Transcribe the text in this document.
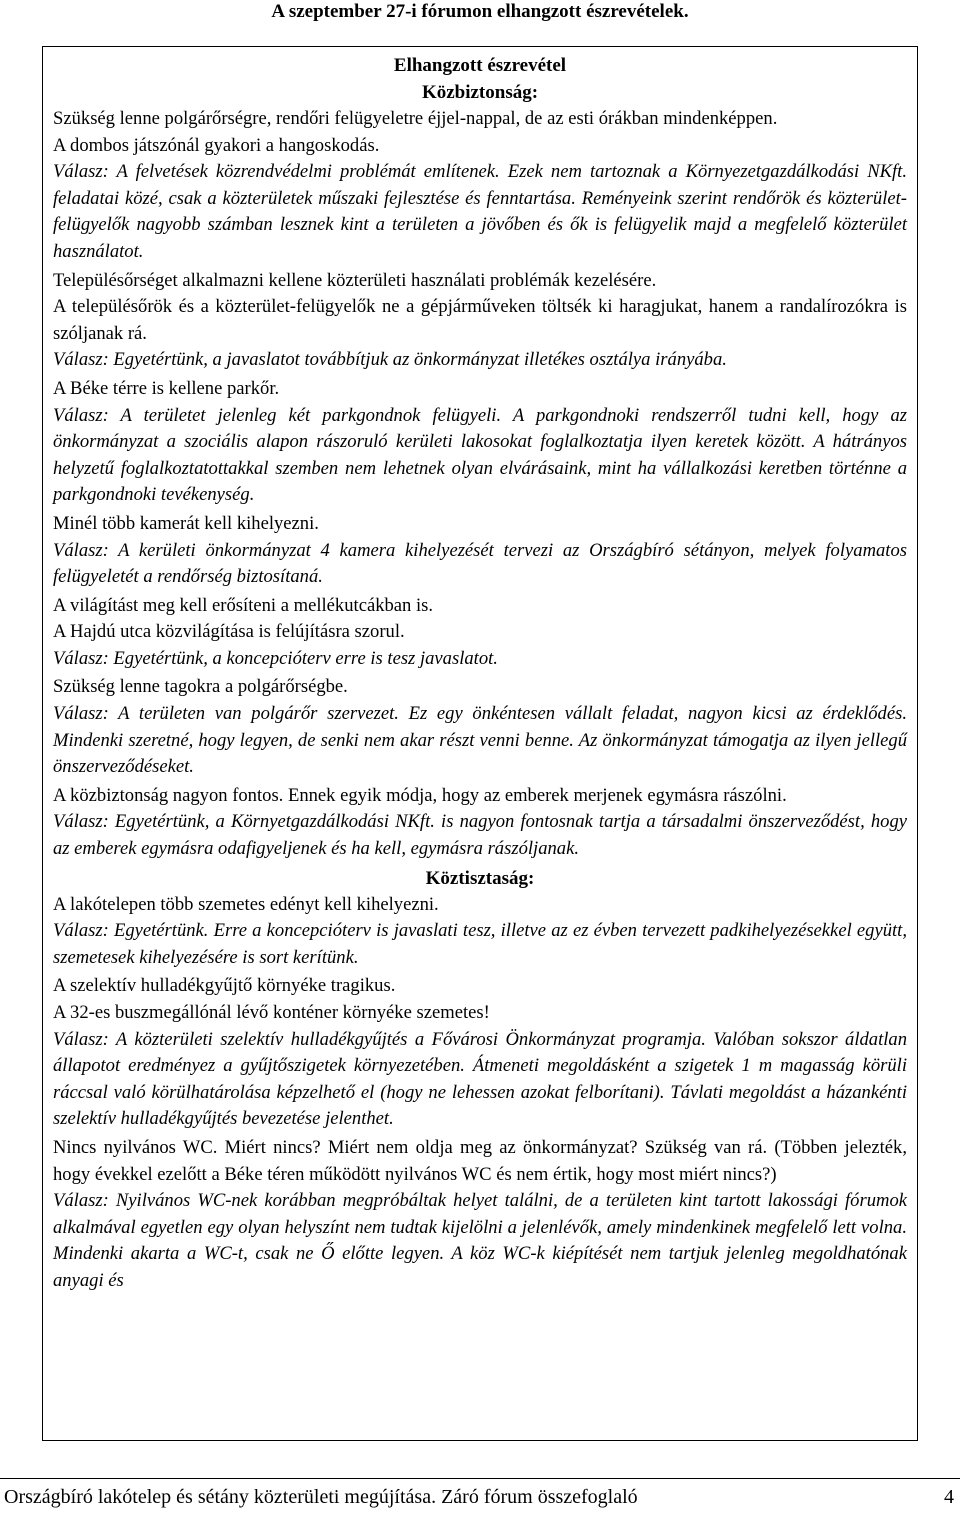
A szeptember 27-i fórumon elhangzott észrevételek.

Elhangzott észrevétel

Közbiztonság:

Szükség lenne polgárőrségre, rendőri felügyeletre éjjel-nappal, de az esti órákban mindenképpen.

A dombos játszónál gyakori a hangoskodás.

Válasz: A felvetések közrendvédelmi problémát említenek. Ezek nem tartoznak a Környezetgazdálkodási NKft. feladatai közé, csak a közterületek műszaki fejlesztése és fenntartása. Reményeink szerint rendőrök és közterület-felügyelők nagyobb számban lesznek kint a területen a jövőben és ők is felügyelik majd a megfelelő közterület használatot.

Településőrséget alkalmazni kellene közterületi használati problémák kezelésére.

A településőrök és a közterület-felügyelők ne a gépjárműveken töltsék ki haragjukat, hanem a randalírozókra is szóljanak rá.

Válasz: Egyetértünk, a javaslatot továbbítjuk az önkormányzat illetékes osztálya irányába.

A Béke térre is kellene parkőr.

Válasz: A területet jelenleg két parkgondnok felügyeli. A parkgondnoki rendszerről tudni kell, hogy az önkormányzat a szociális alapon rászoruló kerületi lakosokat foglalkoztatja ilyen keretek között. A hátrányos helyzetű foglalkoztatottakkal szemben nem lehetnek olyan elvárásaink, mint ha vállalkozási keretben történne a parkgondnoki tevékenység.

Minél több kamerát kell kihelyezni.

Válasz: A kerületi önkormányzat 4 kamera kihelyezését tervezi az Országbíró sétányon, melyek folyamatos felügyeletét a rendőrség biztosítaná.

A világítást meg kell erősíteni a mellékutcákban is.

A Hajdú utca közvilágítása is felújításra szorul.

Válasz: Egyetértünk, a koncepcióterv erre is tesz javaslatot.

Szükség lenne tagokra a polgárőrségbe.

Válasz: A területen van polgárőr szervezet. Ez egy önkéntesen vállalt feladat, nagyon kicsi az érdeklődés. Mindenki szeretné, hogy legyen, de senki nem akar részt venni benne. Az önkormányzat támogatja az ilyen jellegű önszerveződéseket.

A közbiztonság nagyon fontos. Ennek egyik módja, hogy az emberek merjenek egymásra rászólni.

Válasz: Egyetértünk, a Környetgazdálkodási NKft. is nagyon fontosnak tartja a társadalmi önszerveződést, hogy az emberek egymásra odafigyeljenek és ha kell, egymásra rászóljanak.

Köztisztaság:

A lakótelepen több szemetes edényt kell kihelyezni.

Válasz: Egyetértünk. Erre a koncepcióterv is javaslati tesz, illetve az ez évben tervezett padkihelyezésekkel együtt, szemetesek kihelyezésére is sort kerítünk.

A szelektív hulladékgyűjtő környéke tragikus.

A 32-es buszmegállónál lévő konténer környéke szemetes!

Válasz: A közterületi szelektív hulladékgyűjtés a Fővárosi Önkormányzat programja. Valóban sokszor áldatlan állapotot eredményez a gyűjtőszigetek környezetében. Átmeneti megoldásként a szigetek 1 m magasság körüli ráccsal való körülhatárolása képzelhető el (hogy ne lehessen azokat felborítani). Távlati megoldást a házankénti szelektív hulladékgyűjtés bevezetése jelenthet.

Nincs nyilvános WC. Miért nincs? Miért nem oldja meg az önkormányzat? Szükség van rá. (Többen jelezték, hogy évekkel ezelőtt a Béke téren működött nyilvános WC és nem értik, hogy most miért nincs?)

Válasz: Nyilvános WC-nek korábban megpróbáltak helyet találni, de a területen kint tartott lakossági fórumok alkalmával egyetlen egy olyan helyszínt nem tudtak kijelölni a jelenlévők, amely mindenkinek megfelelő lett volna. Mindenki akarta a WC-t, csak ne Ő előtte legyen. A köz WC-k kiépítését nem tartjuk jelenleg megoldhatónak anyagi és

Országbíró lakótelep és sétány közterületi megújítása. Záró fórum összefoglaló	4
